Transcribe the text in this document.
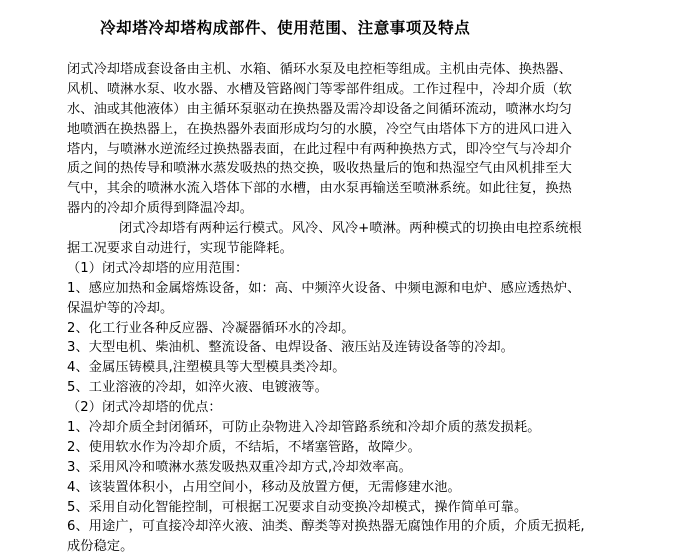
冷却塔冷却塔构成部件、使用范围、注意事项及特点
闭式冷却塔成套设备由主机、水箱、循环水泵及电控柜等组成。主机由壳体、换热器、
风机、喷淋水泵、收水器、水槽及管路阀门等零部件组成。工作过程中，冷却介质（软
水、油或其他液体）由主循环泵驱动在换热器及需冷却设备之间循环流动，喷淋水均匀
地喷洒在换热器上，在换热器外表面形成均匀的水膜，冷空气由塔体下方的进风口进入
塔内，与喷淋水逆流经过换热器表面，在此过程中有两种换热方式，即冷空气与冷却介
质之间的热传导和喷淋水蒸发吸热的热交换，吸收热量后的饱和热湿空气由风机排至大
气中，其余的喷淋水流入塔体下部的水槽，由水泵再输送至喷淋系统。如此往复，换热
器内的冷却介质得到降温冷却。
闭式冷却塔有两种运行模式。风冷、风冷+喷淋。两种模式的切换由电控系统根
据工况要求自动进行，实现节能降耗。
（1）闭式冷却塔的应用范围：
1、感应加热和金属熔炼设备，如：高、中频淬火设备、中频电源和电炉、感应透热炉、
保温炉等的冷却。
2、化工行业各种反应器、冷凝器循环水的冷却。
3、大型电机、柴油机、整流设备、电焊设备、液压站及连铸设备等的冷却。
4、金属压铸模具,注塑模具等大型模具类冷却。
5、工业溶液的冷却，如淬火液、电镀液等。
（2）闭式冷却塔的优点：
1、冷却介质全封闭循环，可防止杂物进入冷却管路系统和冷却介质的蒸发损耗。
2、使用软水作为冷却介质，不结垢，不堵塞管路，故障少。
3、采用风冷和喷淋水蒸发吸热双重冷却方式,冷却效率高。
4、该装置体积小，占用空间小，移动及放置方便，无需修建水池。
5、采用自动化智能控制，可根据工况要求自动变换冷却模式，操作简单可靠。
6、用途广，可直接冷却淬火液、油类、醇类等对换热器无腐蚀作用的介质，介质无损耗,
成份稳定。
